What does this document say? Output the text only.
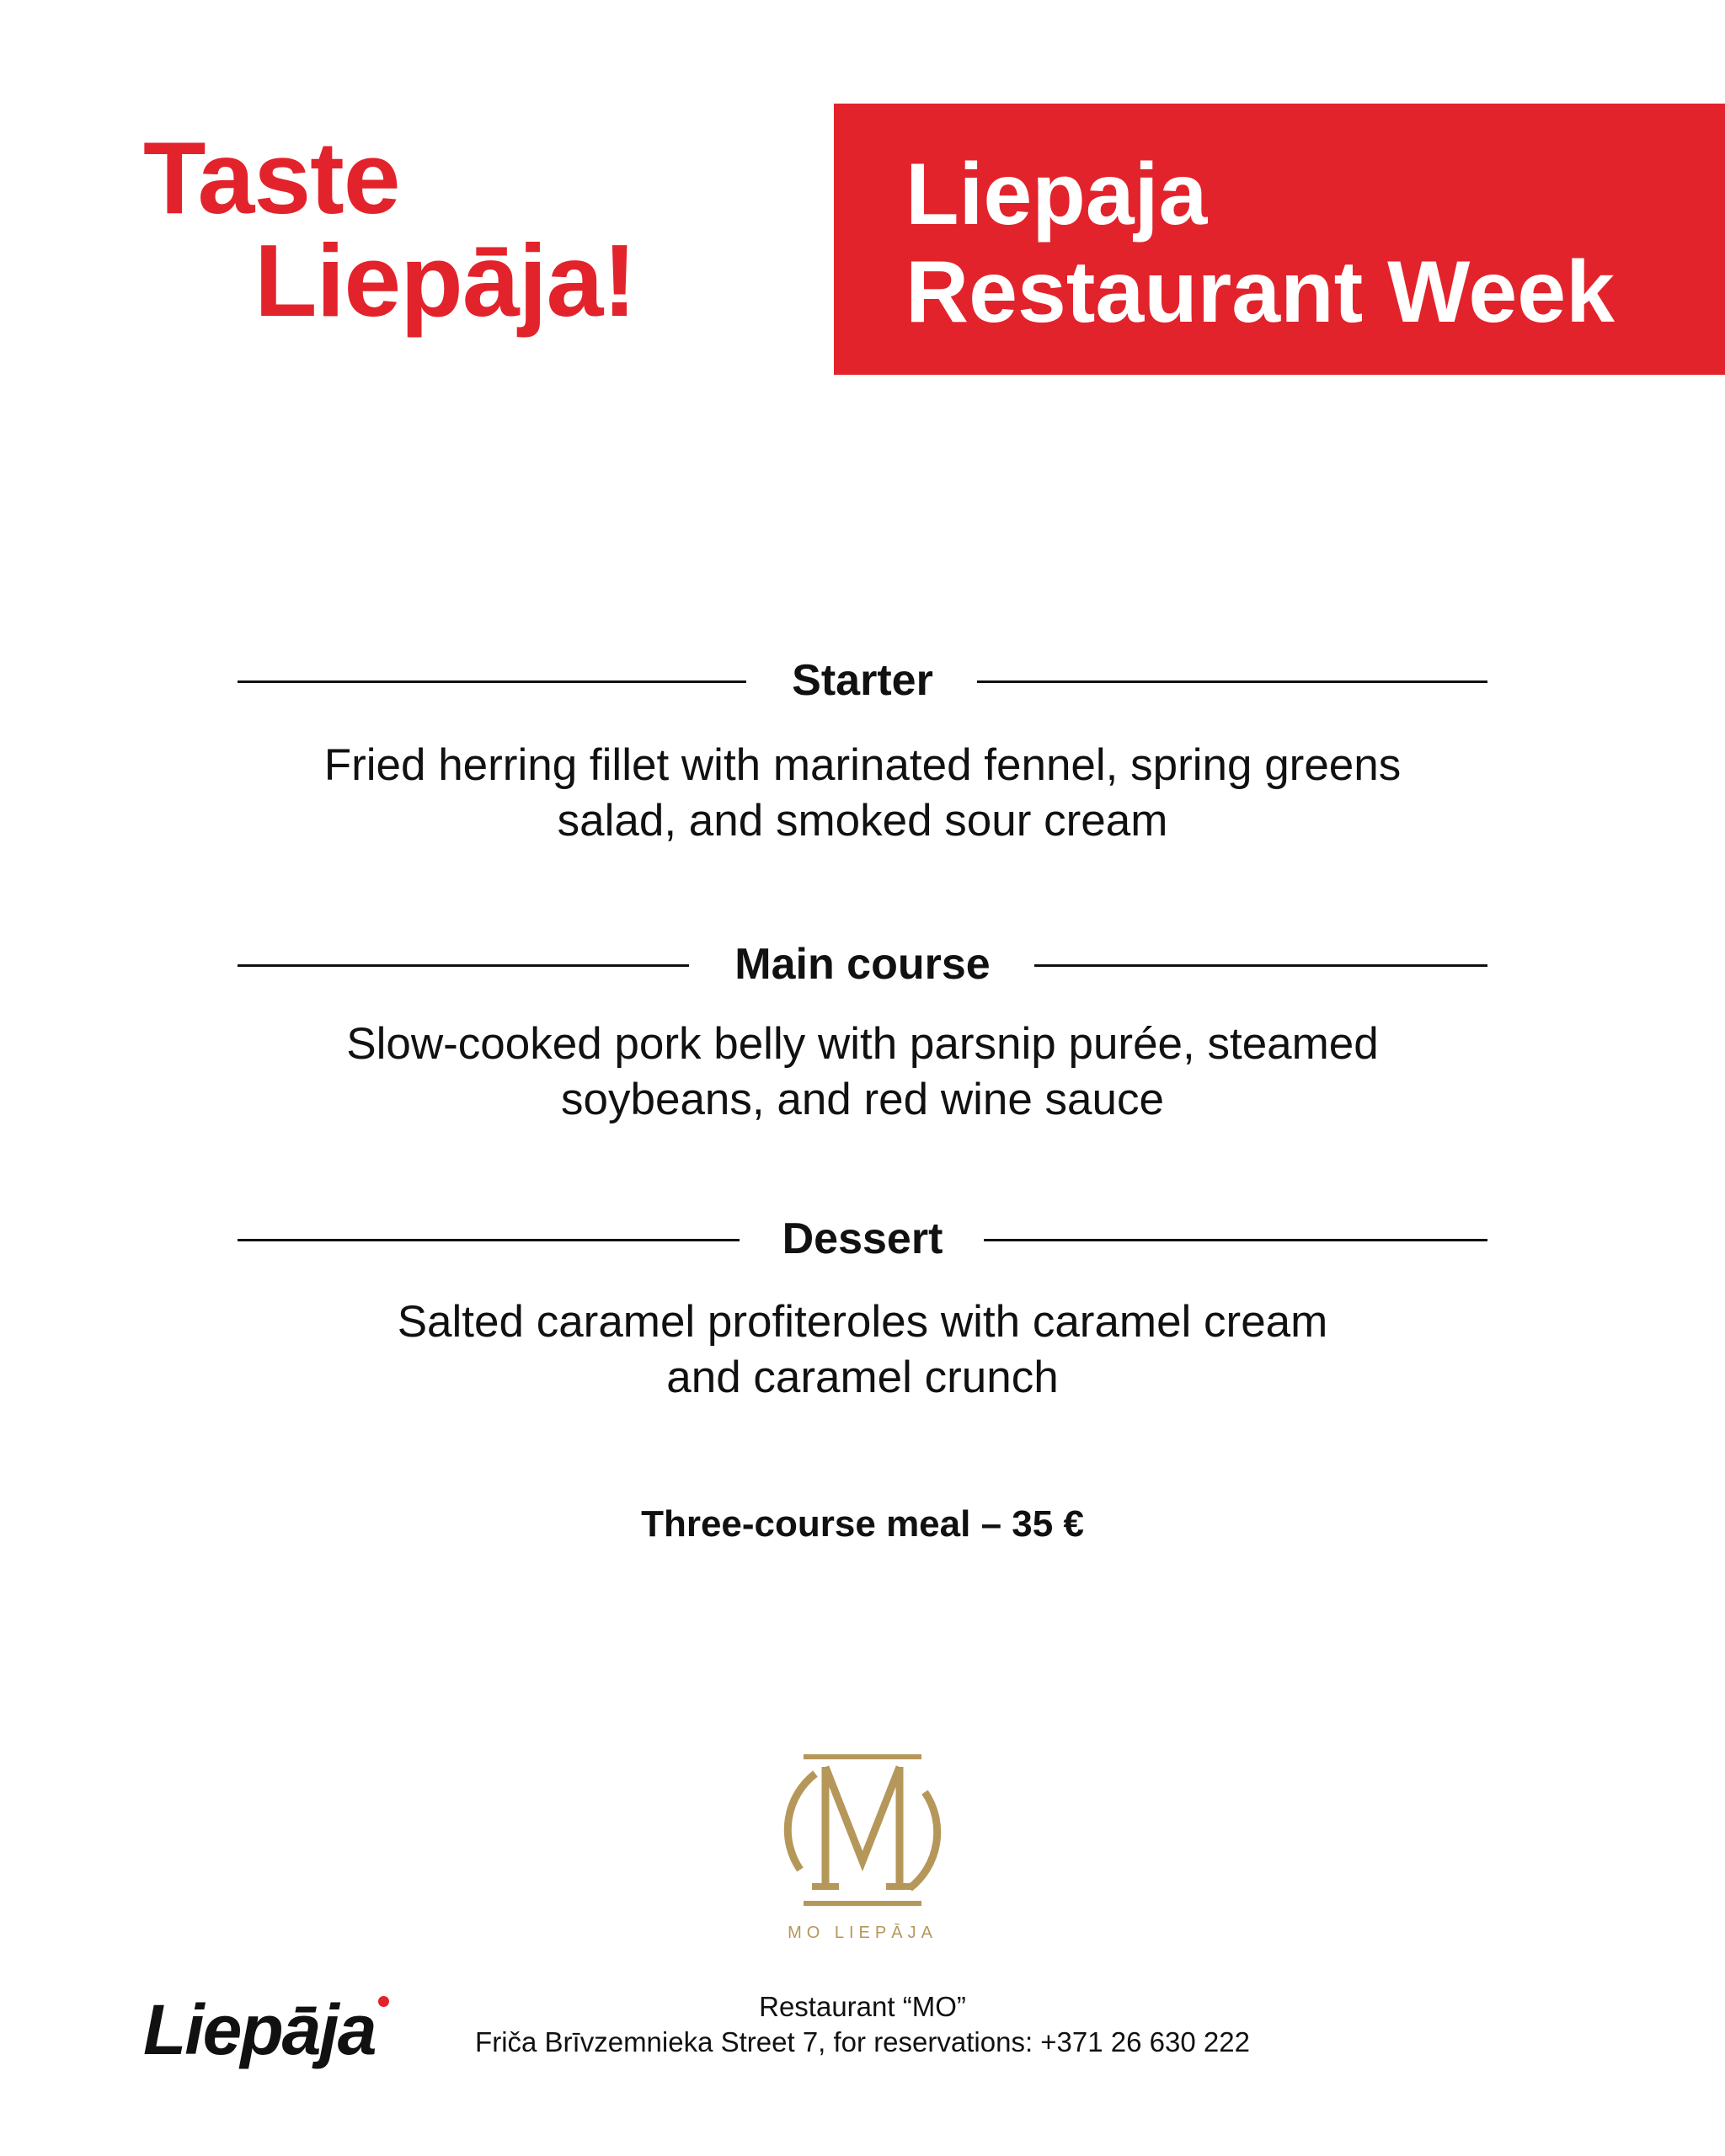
Taste
Liepāja!
Liepaja
Restaurant Week
Starter
Fried herring fillet with marinated fennel, spring greens
salad, and smoked sour cream
Main course
Slow-cooked pork belly with parsnip purée, steamed
soybeans, and red wine sauce
Dessert
Salted caramel profiteroles with caramel cream
and caramel crunch
Three-course meal – 35 €
MO LIEPĀJA
Liepāja	Restaurant “MO”
Friča Brīvzemnieka Street 7, for reservations: +371 26 630 222
